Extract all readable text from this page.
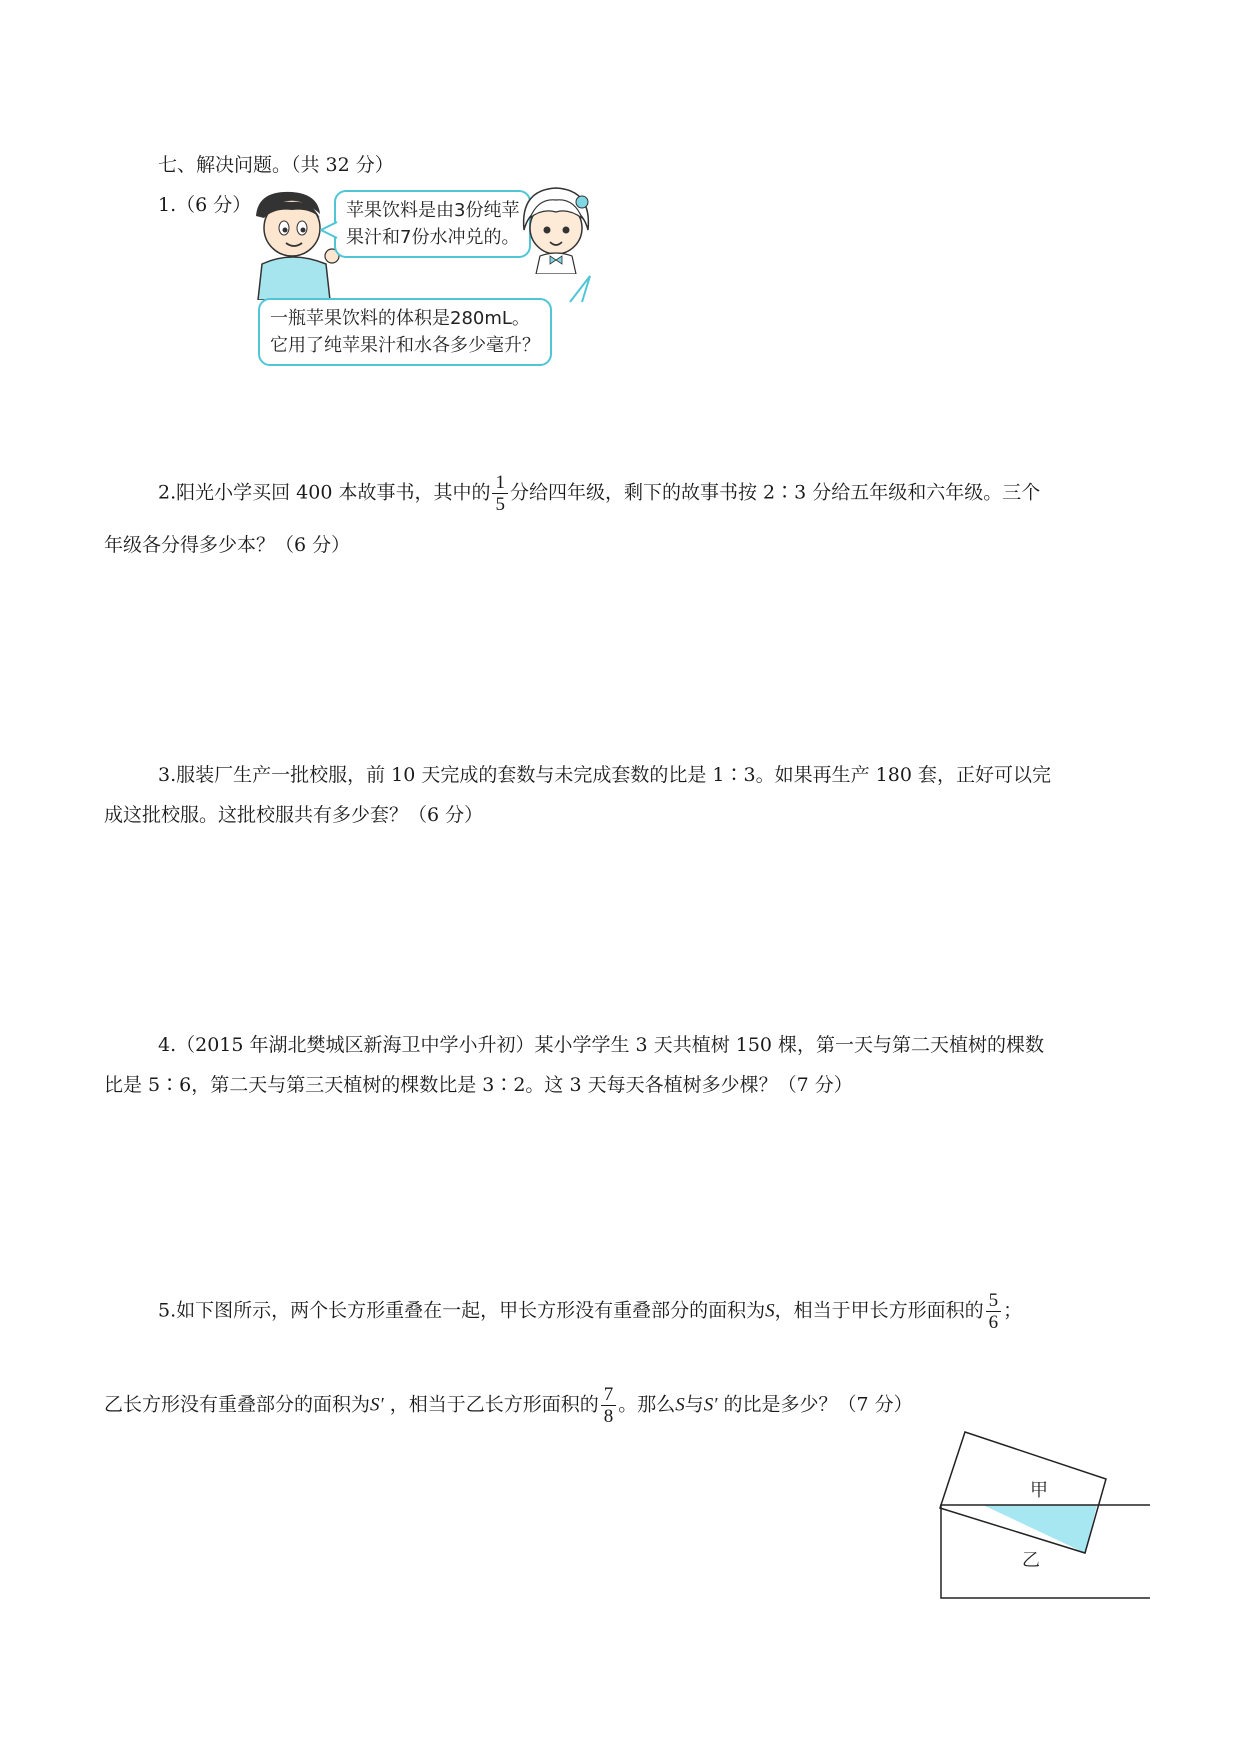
七、解决问题。（共 32 分）
1.（6 分）	苹果饮料是由3份纯苹
果汁和7份水冲兑的。
一瓶苹果饮料的体积是280mL。
它用了纯苹果汁和水各多少毫升？
2.阳光小学买回 400 本故事书，其中的 $\frac{1}{5}$ 分给四年级，剩下的故事书按 2∶3 分给五年级和六年级。三个
年级各分得多少本？（6 分）
3.服装厂生产一批校服，前 10 天完成的套数与未完成套数的比是 1∶3。如果再生产 180 套，正好可以完
成这批校服。这批校服共有多少套？（6 分）
4.（2015 年湖北樊城区新海卫中学小升初）某小学学生 3 天共植树 150 棵，第一天与第二天植树的棵数
比是 5∶6，第二天与第三天植树的棵数比是 3∶2。这 3 天每天各植树多少棵？（7 分）
5.如下图所示，两个长方形重叠在一起，甲长方形没有重叠部分的面积为S，相当于甲长方形面积的 $\frac{5}{6}$ ；
乙长方形没有重叠部分的面积为S′ ，相当于乙长方形面积的 $\frac{7}{8}$ 。那么S与S′ 的比是多少？（7 分）
甲
乙
